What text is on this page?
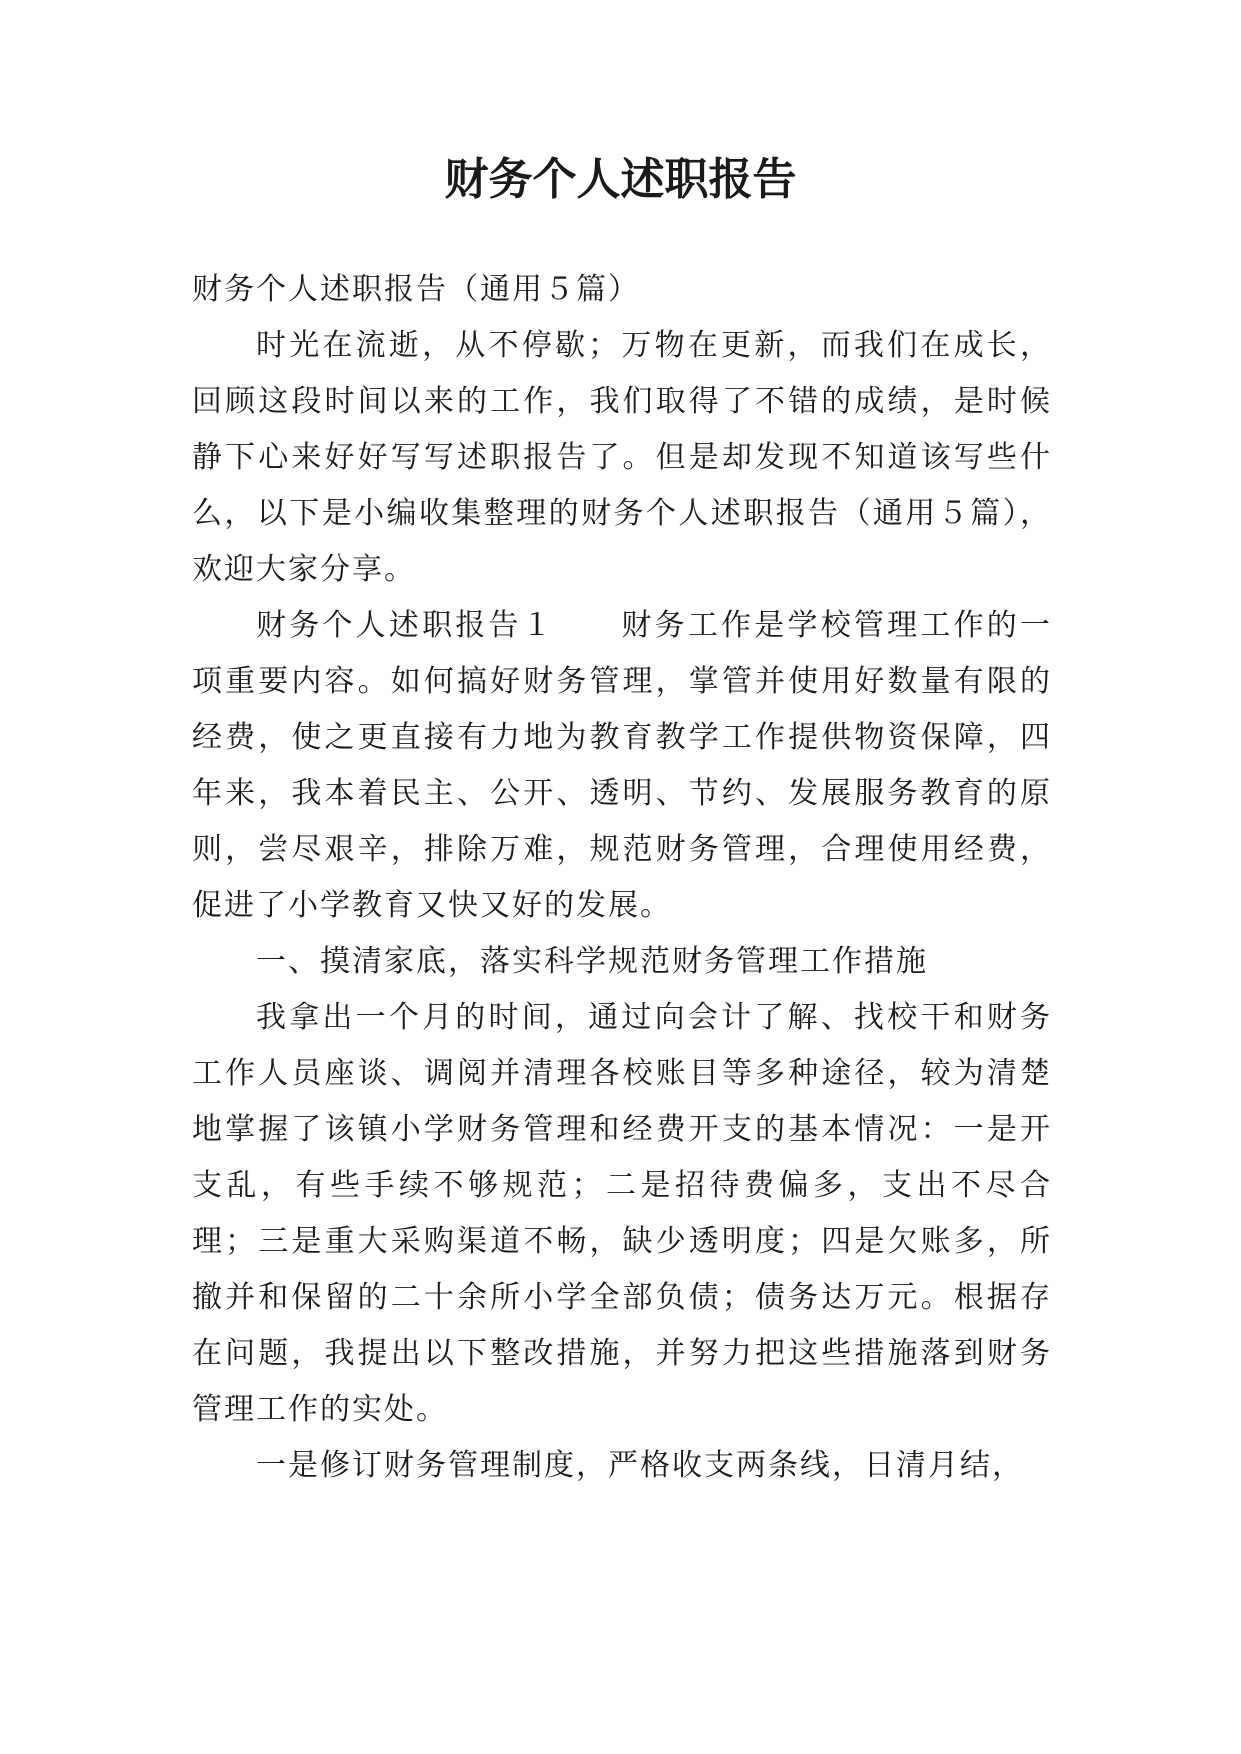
财务个人述职报告

财务个人述职报告（通用５篇）

时光在流逝，从不停歇；万物在更新，而我们在成长，回顾这段时间以来的工作，我们取得了不错的成绩，是时候静下心来好好写写述职报告了。但是却发现不知道该写些什么，以下是小编收集整理的财务个人述职报告（通用５篇），欢迎大家分享。

财务个人述职报告１　　财务工作是学校管理工作的一项重要内容。如何搞好财务管理，掌管并使用好数量有限的经费，使之更直接有力地为教育教学工作提供物资保障，四年来，我本着民主、公开、透明、节约、发展服务教育的原则，尝尽艰辛，排除万难，规范财务管理，合理使用经费，促进了小学教育又快又好的发展。

一、摸清家底，落实科学规范财务管理工作措施

我拿出一个月的时间，通过向会计了解、找校干和财务工作人员座谈、调阅并清理各校账目等多种途径，较为清楚地掌握了该镇小学财务管理和经费开支的基本情况：一是开支乱，有些手续不够规范；二是招待费偏多，支出不尽合理；三是重大采购渠道不畅，缺少透明度；四是欠账多，所撤并和保留的二十余所小学全部负债；债务达万元。根据存在问题，我提出以下整改措施，并努力把这些措施落到财务管理工作的实处。

一是修订财务管理制度，严格收支两条线，日清月结，
